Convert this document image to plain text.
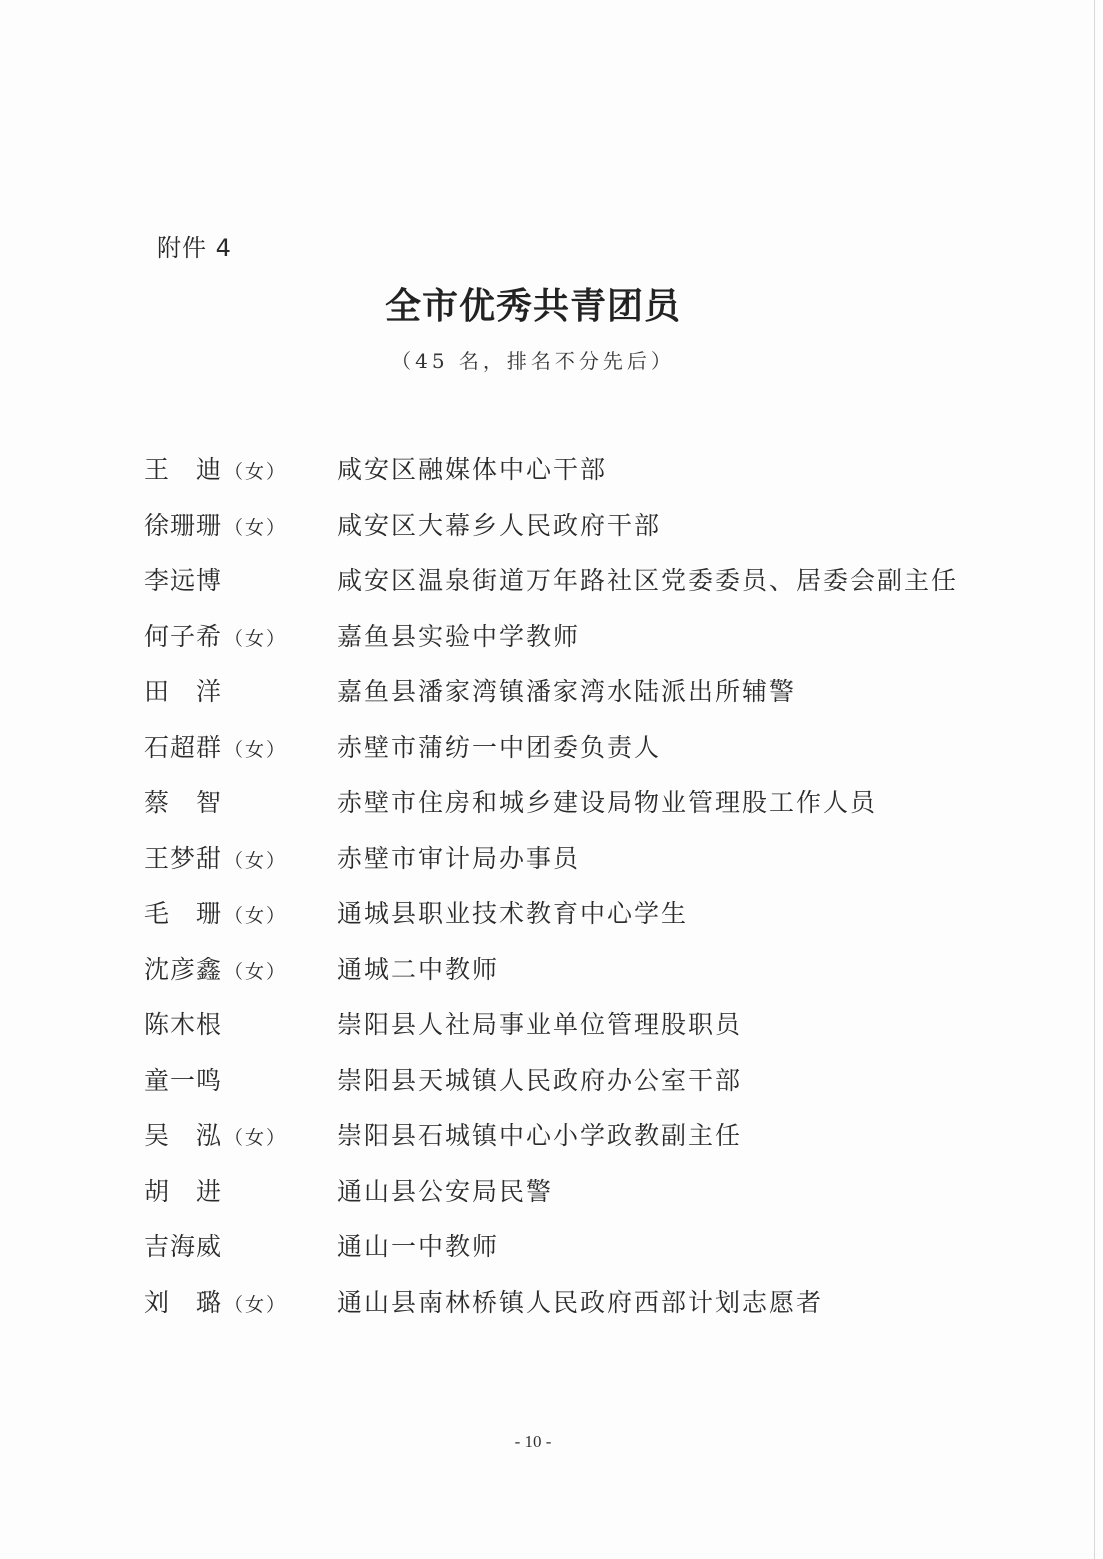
附件 4
全市优秀共青团员
（45 名，排名不分先后）
王　迪 （女） 咸安区融媒体中心干部
徐珊珊 （女） 咸安区大幕乡人民政府干部
李远博	咸安区温泉街道万年路社区党委委员、居委会副主任
何子希 （女） 嘉鱼县实验中学教师
田　洋	嘉鱼县潘家湾镇潘家湾水陆派出所辅警
石超群 （女） 赤壁市蒲纺一中团委负责人
蔡　智	赤壁市住房和城乡建设局物业管理股工作人员
王梦甜 （女） 赤壁市审计局办事员
毛　珊 （女） 通城县职业技术教育中心学生
沈彦鑫 （女） 通城二中教师
陈木根	崇阳县人社局事业单位管理股职员
童一鸣	崇阳县天城镇人民政府办公室干部
吴　泓 （女） 崇阳县石城镇中心小学政教副主任
胡　进	通山县公安局民警
吉海威	通山一中教师
刘　璐 （女） 通山县南林桥镇人民政府西部计划志愿者
- 10 -
